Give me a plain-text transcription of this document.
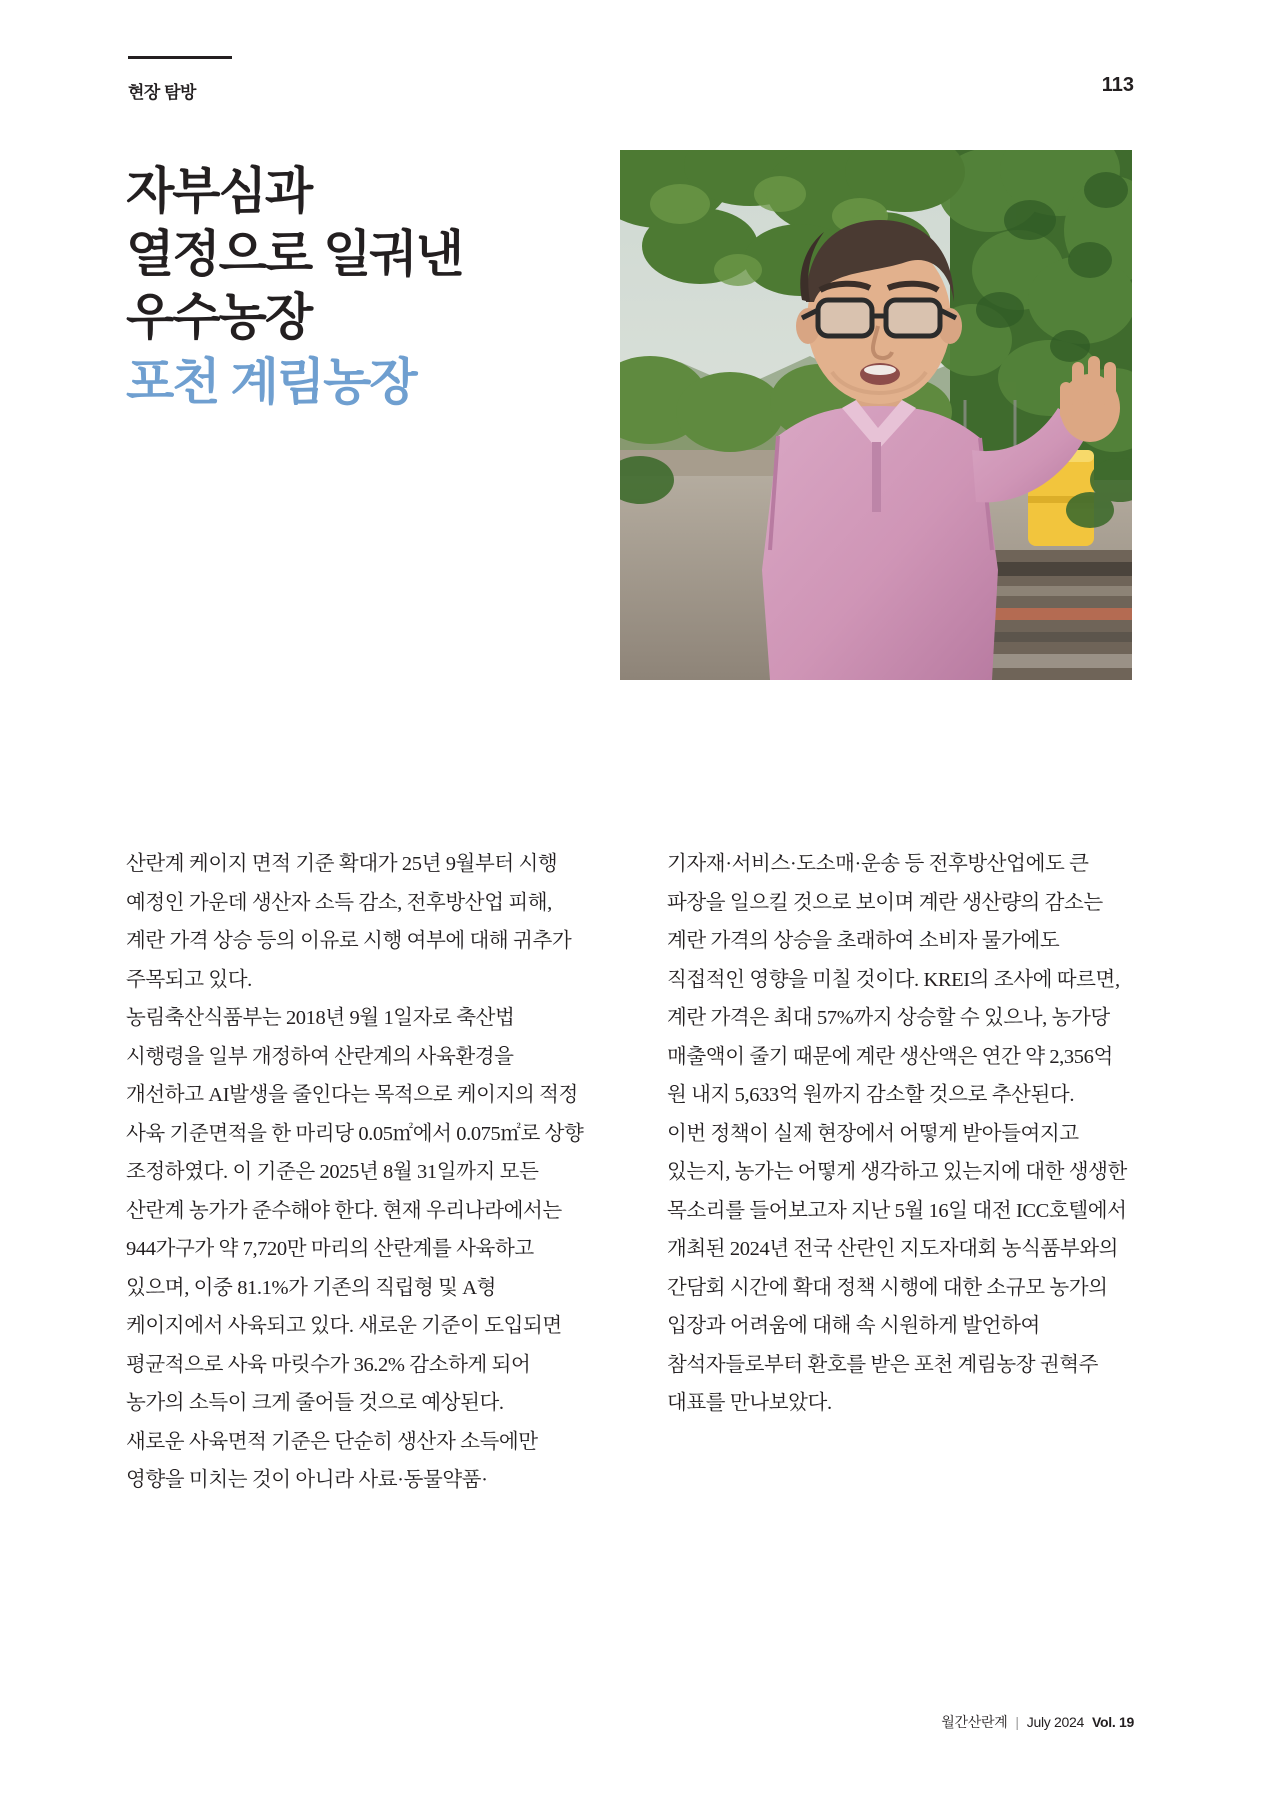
현장 탐방	113
자부심과
열정으로 일궈낸
우수농장
포천 계림농장

산란계 케이지 면적 기준 확대가 25년 9월부터 시행 예정인 가운데 생산자 소득 감소, 전후방산업 피해, 계란 가격 상승 등의 이유로 시행 여부에 대해 귀추가 주목되고 있다.

농림축산식품부는 2018년 9월 1일자로 축산법 시행령을 일부 개정하여 산란계의 사육환경을 개선하고 AI발생을 줄인다는 목적으로 케이지의 적정 사육 기준면적을 한 마리당 0.05㎡에서 0.075㎡로 상향 조정하였다. 이 기준은 2025년 8월 31일까지 모든 산란계 농가가 준수해야 한다. 현재 우리나라에서는 944가구가 약 7,720만 마리의 산란계를 사육하고 있으며, 이중 81.1%가 기존의 직립형 및 A형 케이지에서 사육되고 있다. 새로운 기준이 도입되면 평균적으로 사육 마릿수가 36.2% 감소하게 되어 농가의 소득이 크게 줄어들 것으로 예상된다.

새로운 사육면적 기준은 단순히 생산자 소득에만 영향을 미치는 것이 아니라 사료·동물약품·

기자재·서비스·도소매·운송 등 전후방산업에도 큰 파장을 일으킬 것으로 보이며 계란 생산량의 감소는 계란 가격의 상승을 초래하여 소비자 물가에도 직접적인 영향을 미칠 것이다. KREI의 조사에 따르면, 계란 가격은 최대 57%까지 상승할 수 있으나, 농가당 매출액이 줄기 때문에 계란 생산액은 연간 약 2,356억 원 내지 5,633억 원까지 감소할 것으로 추산된다.

이번 정책이 실제 현장에서 어떻게 받아들여지고 있는지, 농가는 어떻게 생각하고 있는지에 대한 생생한 목소리를 들어보고자 지난 5월 16일 대전 ICC호텔에서 개최된 2024년 전국 산란인 지도자대회 농식품부와의 간담회 시간에 확대 정책 시행에 대한 소규모 농가의 입장과 어려움에 대해 속 시원하게 발언하여 참석자들로부터 환호를 받은 포천 계림농장 권혁주 대표를 만나보았다.

월간산란계 | July 2024 Vol. 19
